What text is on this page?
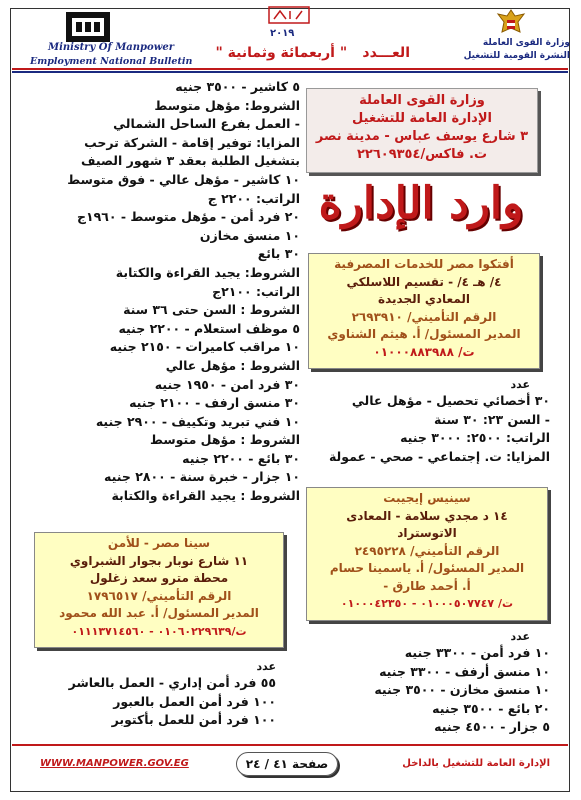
Ministry Of Manpower
Employment National Bulletin
٢٠١٩
العـــدد   " أربعمائة وثمانية "
وزارة القوى العاملة
النشرة القومية للتشغيل
وزارة القوى العاملة
الإدارة العامة للتشغيل
٣ شارع يوسف عباس - مدينة نصر
ت. فاكس/٢٢٦٠٩٣٥٤
وارد الإدارة
٥ كاشير - ٣٥٠٠ جنيه
الشروط: مؤهل متوسط
- العمل بفرع الساحل الشمالي
المزايا: توفير إقامة - الشركة ترحب
بتشغيل الطلبة بعقد ٣ شهور الصيف
١٠ كاشير - مؤهل عالي - فوق متوسط
الراتب: ٢٢٠٠ ج
٢٠ فرد أمن - مؤهل متوسط - ١٩٦٠ج
١٠ منسق مخازن
٣٠ بائع
الشروط: يجيد القراءة والكتابة
الراتب: ٢١٠٠ج
الشروط : السن حتى ٣٦ سنة
٥ موظف استعلام - ٢٢٠٠ جنيه
١٠ مراقب كاميرات - ٢١٥٠ جنيه
الشروط : مؤهل عالي
٣٠ فرد امن - ١٩٥٠ جنيه
٣٠ منسق ارفف - ٢١٠٠ جنيه
١٠ فني تبريد وتكييف - ٢٩٠٠ جنيه
الشروط : مؤهل متوسط
٣٠ بائع - ٢٢٠٠ جنيه
١٠ جزار - خبرة سنة - ٢٨٠٠ جنيه
الشروط : يجيد القراءة والكتابة
أفتكوا مصر للخدمات المصرفية
٤/ هـ ٤/ - تقسيم اللاسلكي
المعادي الجديدة
الرقم التأميني/ ٢٦٩٣٩١٠
المدير المسئول/ أ. هيثم الشناوي
ت/ ٠١٠٠٠٨٨٣٩٨٨
عدد
٣٠ أخصائي تحصيل - مؤهل عالي
- السن ٢٣: ٣٠ سنة
الراتب: ٢٥٠٠: ٣٠٠٠ جنيه
المزايا: ت. إجتماعي - صحي - عمولة
سينيس إيجيبت
١٤ د مجدي سلامة - المعادى
الاتوستراد
الرقم التأميني/ ٢٤٩٥٢٢٨
المدير المسئول/ أ. ياسمينا حسام
- أ. أحمد طارق
ت/ ٠١٠٠٠٥٠٧٧٤٧ - ٠١٠٠٠٤٢٣٥٠
عدد
١٠ فرد أمن - ٣٣٠٠ جنيه
١٠ منسق أرفف - ٣٣٠٠ جنيه
١٠ منسق مخازن - ٣٥٠٠ جنيه
٢٠ بائع - ٣٥٠٠ جنيه
٥ جزار - ٤٥٠٠ جنيه
سينا مصر - للأمن
١١ شارع نوبار بجوار الشبراوي
محطة مترو سعد زغلول
الرقم التأميني/ ١٧٩٦٥١٧
المدير المسئول/ أ. عبد الله محمود
ت/٠١٠٦٠٢٢٩٦٣٩ - ٠١١١٣٧١٤٥٦٠
عدد
٥٥ فرد أمن إداري - العمل بالعاشر
١٠٠ فرد أمن العمل بالعبور
١٠٠ فرد أمن للعمل بأكتوبر
WWW.MANPOWER.GOV.EG	صفحة ٤١ / ٢٤	الإدارة العامة للتشغيل بالداخل
